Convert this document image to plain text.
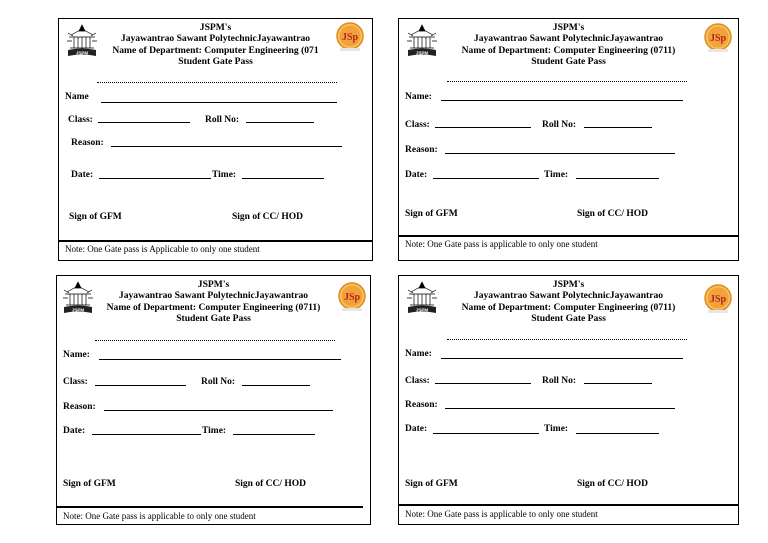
JSPM
JSp
JSPM's
Jayawantrao Sawant PolytechnicJayawantrao
Name of Department: Computer Engineering (071
Student Gate Pass
Name
Class:	Roll No:
Reason:
Date:	Time:
Sign of GFM	Sign of CC/ HOD
Note: One Gate pass is Applicable to only one student
JSPM
JSp
JSPM's
Jayawantrao Sawant PolytechnicJayawantrao
Name of Department: Computer Engineering (0711)
Student Gate Pass
Name:
Class:	Roll No:
Reason:
Date:	Time:
Sign of GFM	Sign of CC/ HOD
Note: One Gate pass is applicable to only one student
JSPM
JSp
JSPM's
Jayawantrao Sawant PolytechnicJayawantrao
Name of Department: Computer Engineering (0711)
Student Gate Pass
Name:
Class:	Roll No:
Reason:
Date:	Time:
Sign of GFM	Sign of CC/ HOD
Note: One Gate pass is applicable to only one student
JSPM
JSp
JSPM's
Jayawantrao Sawant PolytechnicJayawantrao
Name of Department: Computer Engineering (0711)
Student Gate Pass
Name:
Class:	Roll No:
Reason:
Date:	Time:
Sign of GFM	Sign of CC/ HOD
Note: One Gate pass is applicable to only one student
